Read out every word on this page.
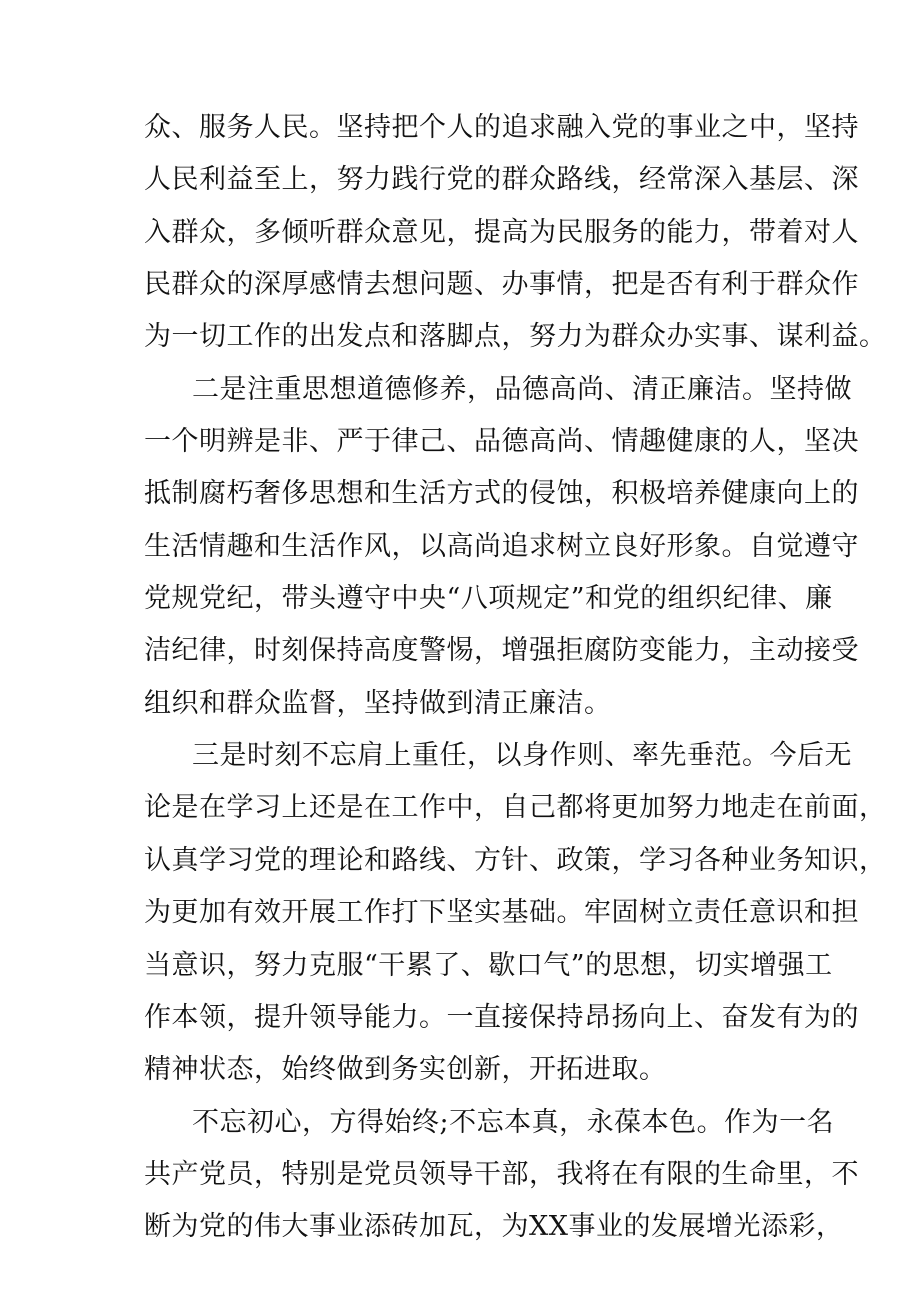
众、服务人民。坚持把个人的追求融入党的事业之中，坚持
人民利益至上，努力践行党的群众路线，经常深入基层、深
入群众，多倾听群众意见，提高为民服务的能力，带着对人
民群众的深厚感情去想问题、办事情，把是否有利于群众作
为一切工作的出发点和落脚点，努力为群众办实事、谋利益。
二是注重思想道德修养，品德高尚、清正廉洁。坚持做
一个明辨是非、严于律己、品德高尚、情趣健康的人，坚决
抵制腐朽奢侈思想和生活方式的侵蚀，积极培养健康向上的
生活情趣和生活作风，以高尚追求树立良好形象。自觉遵守
党规党纪，带头遵守中央“八项规定”和党的组织纪律、廉
洁纪律，时刻保持高度警惕，增强拒腐防变能力，主动接受
组织和群众监督，坚持做到清正廉洁。
三是时刻不忘肩上重任，以身作则、率先垂范。今后无
论是在学习上还是在工作中，自己都将更加努力地走在前面，
认真学习党的理论和路线、方针、政策，学习各种业务知识，
为更加有效开展工作打下坚实基础。牢固树立责任意识和担
当意识，努力克服“干累了、歇口气”的思想，切实增强工
作本领，提升领导能力。一直接保持昂扬向上、奋发有为的
精神状态，始终做到务实创新，开拓进取。
不忘初心，方得始终;不忘本真，永葆本色。作为一名
共产党员，特别是党员领导干部，我将在有限的生命里，不
断为党的伟大事业添砖加瓦，为XX事业的发展增光添彩，
